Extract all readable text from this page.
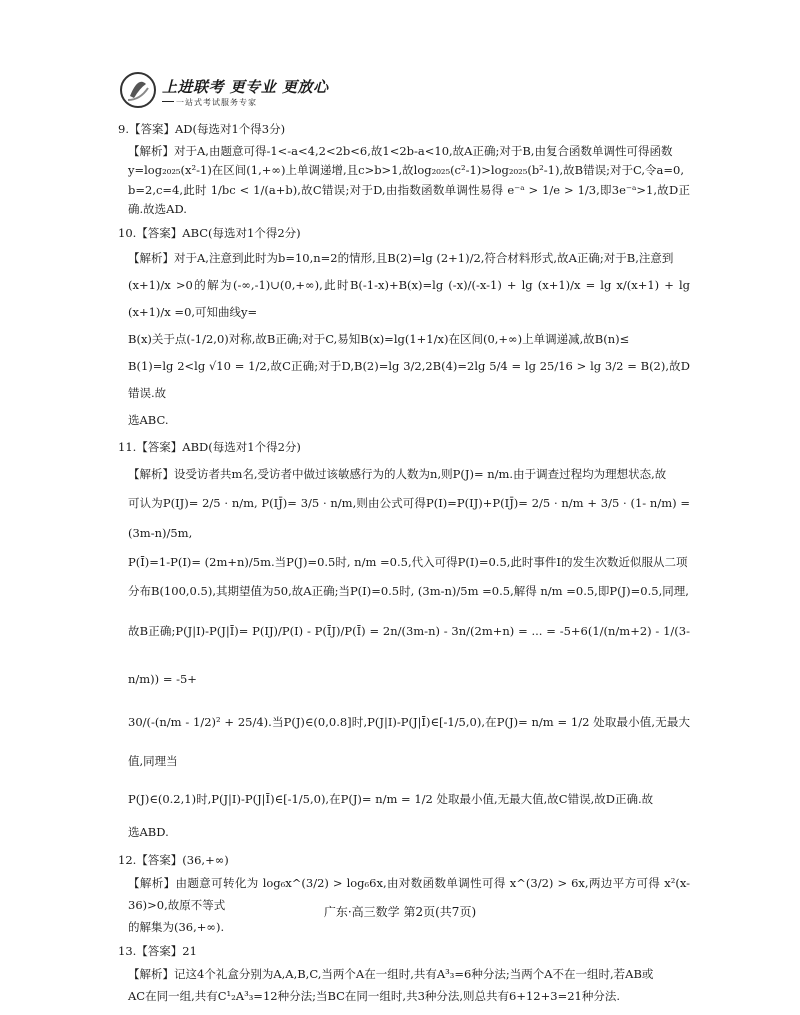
上进联考 更专业 更放心
一站式考试服务专家

9.【答案】AD(每选对1个得3分)

【解析】对于A,由题意可得-1<-a<4,2<2b<6,故1<2b-a<10,故A正确;对于B,由复合函数单调性可得函数

y=log₂₀₂₅(x²-1)在区间(1,+∞)上单调递增,且c>b>1,故log₂₀₂₅(c²-1)>log₂₀₂₅(b²-1),故B错误;对于C,令a=0,

b=2,c=4,此时 1/bc < 1/(a+b),故C错误;对于D,由指数函数单调性易得 e⁻ᵃ > 1/e > 1/3,即3e⁻ᵃ>1,故D正确.故选AD.

10.【答案】ABC(每选对1个得2分)

【解析】对于A,注意到此时为b=10,n=2的情形,且B(2)=lg (2+1)/2,符合材料形式,故A正确;对于B,注意到

(x+1)/x >0的解为(-∞,-1)∪(0,+∞),此时B(-1-x)+B(x)=lg (-x)/(-x-1) + lg (x+1)/x = lg x/(x+1) + lg (x+1)/x =0,可知曲线y=

B(x)关于点(-1/2,0)对称,故B正确;对于C,易知B(x)=lg(1+1/x)在区间(0,+∞)上单调递减,故B(n)≤

B(1)=lg 2<lg √10 = 1/2,故C正确;对于D,B(2)=lg 3/2,2B(4)=2lg 5/4 = lg 25/16 > lg 3/2 = B(2),故D错误.故

选ABC.

11.【答案】ABD(每选对1个得2分)

【解析】设受访者共m名,受访者中做过该敏感行为的人数为n,则P(J)= n/m.由于调查过程均为理想状态,故

可认为P(IJ)= 2/5 · n/m, P(IJ̄)= 3/5 · n/m,则由公式可得P(I)=P(IJ)+P(IJ̄)= 2/5 · n/m + 3/5 · (1- n/m) = (3m-n)/5m,

P(Ī)=1-P(I)= (2m+n)/5m.当P(J)=0.5时, n/m =0.5,代入可得P(I)=0.5,此时事件I的发生次数近似服从二项

分布B(100,0.5),其期望值为50,故A正确;当P(I)=0.5时, (3m-n)/5m =0.5,解得 n/m =0.5,即P(J)=0.5,同理,

故B正确;P(J|I)-P(J|Ī)= P(IJ)/P(I) - P(ĪJ)/P(Ī) = 2n/(3m-n) - 3n/(2m+n) = ... = -5+6(1/(n/m+2) - 1/(3-n/m)) = -5+

30/(-(n/m - 1/2)² + 25/4).当P(J)∈(0,0.8]时,P(J|I)-P(J|Ī)∈[-1/5,0),在P(J)= n/m = 1/2 处取最小值,无最大值,同理当

P(J)∈(0.2,1)时,P(J|I)-P(J|Ī)∈[-1/5,0),在P(J)= n/m = 1/2 处取最小值,无最大值,故C错误,故D正确.故

选ABD.

12.【答案】(36,+∞)

【解析】由题意可转化为 log₆x^(3/2) > log₆6x,由对数函数单调性可得 x^(3/2) > 6x,两边平方可得 x²(x-36)>0,故原不等式

的解集为(36,+∞).

13.【答案】21

【解析】记这4个礼盒分别为A,A,B,C,当两个A在一组时,共有A³₃=6种分法;当两个A不在一组时,若AB或

AC在同一组,共有C¹₂A³₃=12种分法;当BC在同一组时,共3种分法,则总共有6+12+3=21种分法.

广东·高三数学 第2页(共7页)
